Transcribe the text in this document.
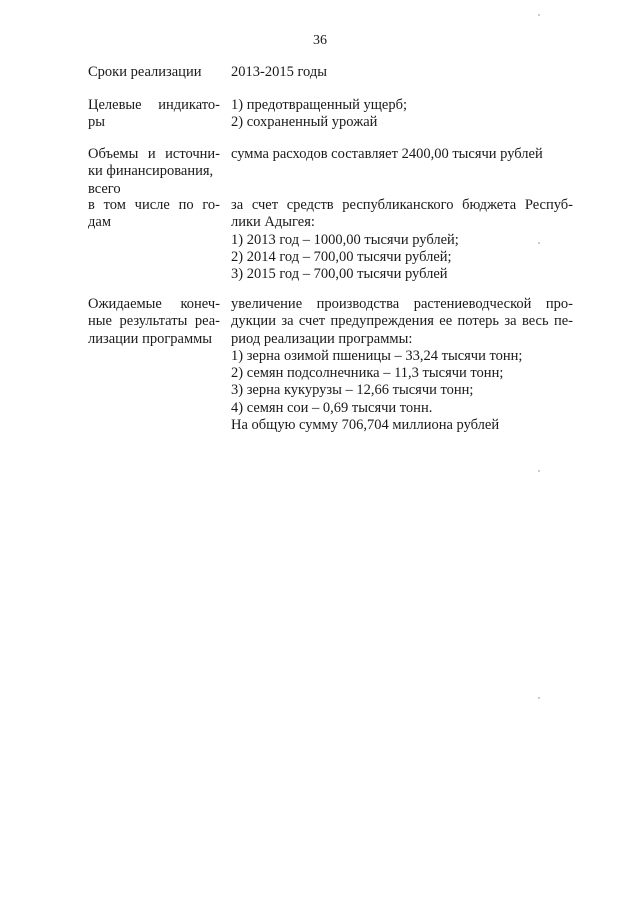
36
Сроки реализации	2013-2015 годы
Целевые индикато-
ры
1) предотвращенный ущерб;
2) сохраненный урожай
Объемы и источни-
ки финансирования,
всего
сумма расходов составляет 2400,00 тысячи рублей
в том числе по го-
дам
за счет средств республиканского бюджета Респуб-
лики Адыгея:
1) 2013 год – 1000,00 тысячи рублей;
2) 2014 год – 700,00 тысячи рублей;
3) 2015 год – 700,00 тысячи рублей
Ожидаемые конеч-
ные результаты реа-
лизации программы
увеличение производства растениеводческой про-
дукции за счет предупреждения ее потерь за весь пе-
риод реализации программы:
1) зерна озимой пшеницы – 33,24 тысячи тонн;
2) семян подсолнечника – 11,3 тысячи тонн;
3) зерна кукурузы – 12,66 тысячи тонн;
4) семян сои – 0,69 тысячи тонн.
На общую сумму 706,704 миллиона рублей
